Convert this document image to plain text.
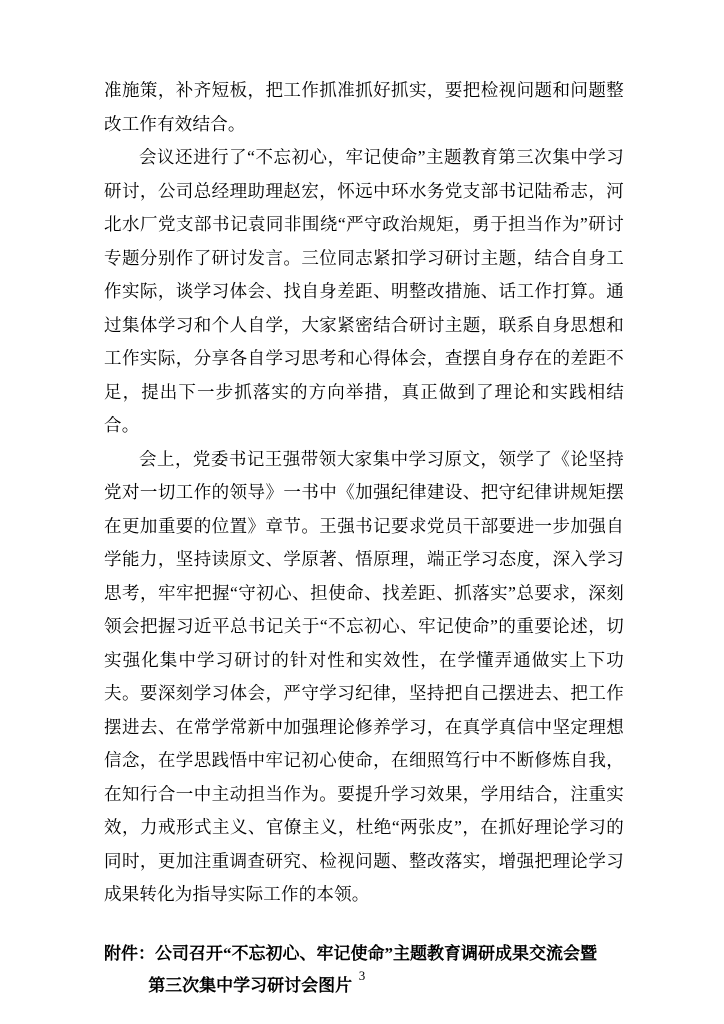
准施策，补齐短板，把工作抓准抓好抓实，要把检视问题和问题整改工作有效结合。

会议还进行了“不忘初心，牢记使命”主题教育第三次集中学习研讨，公司总经理助理赵宏，怀远中环水务党支部书记陆希志，河北水厂党支部书记袁同非围绕“严守政治规矩，勇于担当作为”研讨专题分别作了研讨发言。三位同志紧扣学习研讨主题，结合自身工作实际，谈学习体会、找自身差距、明整改措施、话工作打算。通过集体学习和个人自学，大家紧密结合研讨主题，联系自身思想和工作实际，分享各自学习思考和心得体会，查摆自身存在的差距不足，提出下一步抓落实的方向举措，真正做到了理论和实践相结合。

会上，党委书记王强带领大家集中学习原文，领学了《论坚持党对一切工作的领导》一书中《加强纪律建设、把守纪律讲规矩摆在更加重要的位置》章节。王强书记要求党员干部要进一步加强自学能力，坚持读原文、学原著、悟原理，端正学习态度，深入学习思考，牢牢把握“守初心、担使命、找差距、抓落实”总要求，深刻领会把握习近平总书记关于“不忘初心、牢记使命”的重要论述，切实强化集中学习研讨的针对性和实效性，在学懂弄通做实上下功夫。要深刻学习体会，严守学习纪律，坚持把自己摆进去、把工作摆进去、在常学常新中加强理论修养学习，在真学真信中坚定理想信念，在学思践悟中牢记初心使命，在细照笃行中不断修炼自我，在知行合一中主动担当作为。要提升学习效果，学用结合，注重实效，力戒形式主义、官僚主义，杜绝“两张皮”，在抓好理论学习的同时，更加注重调查研究、检视问题、整改落实，增强把理论学习成果转化为指导实际工作的本领。

附件：公司召开“不忘初心、牢记使命”主题教育调研成果交流会暨
第三次集中学习研讨会图片 3
